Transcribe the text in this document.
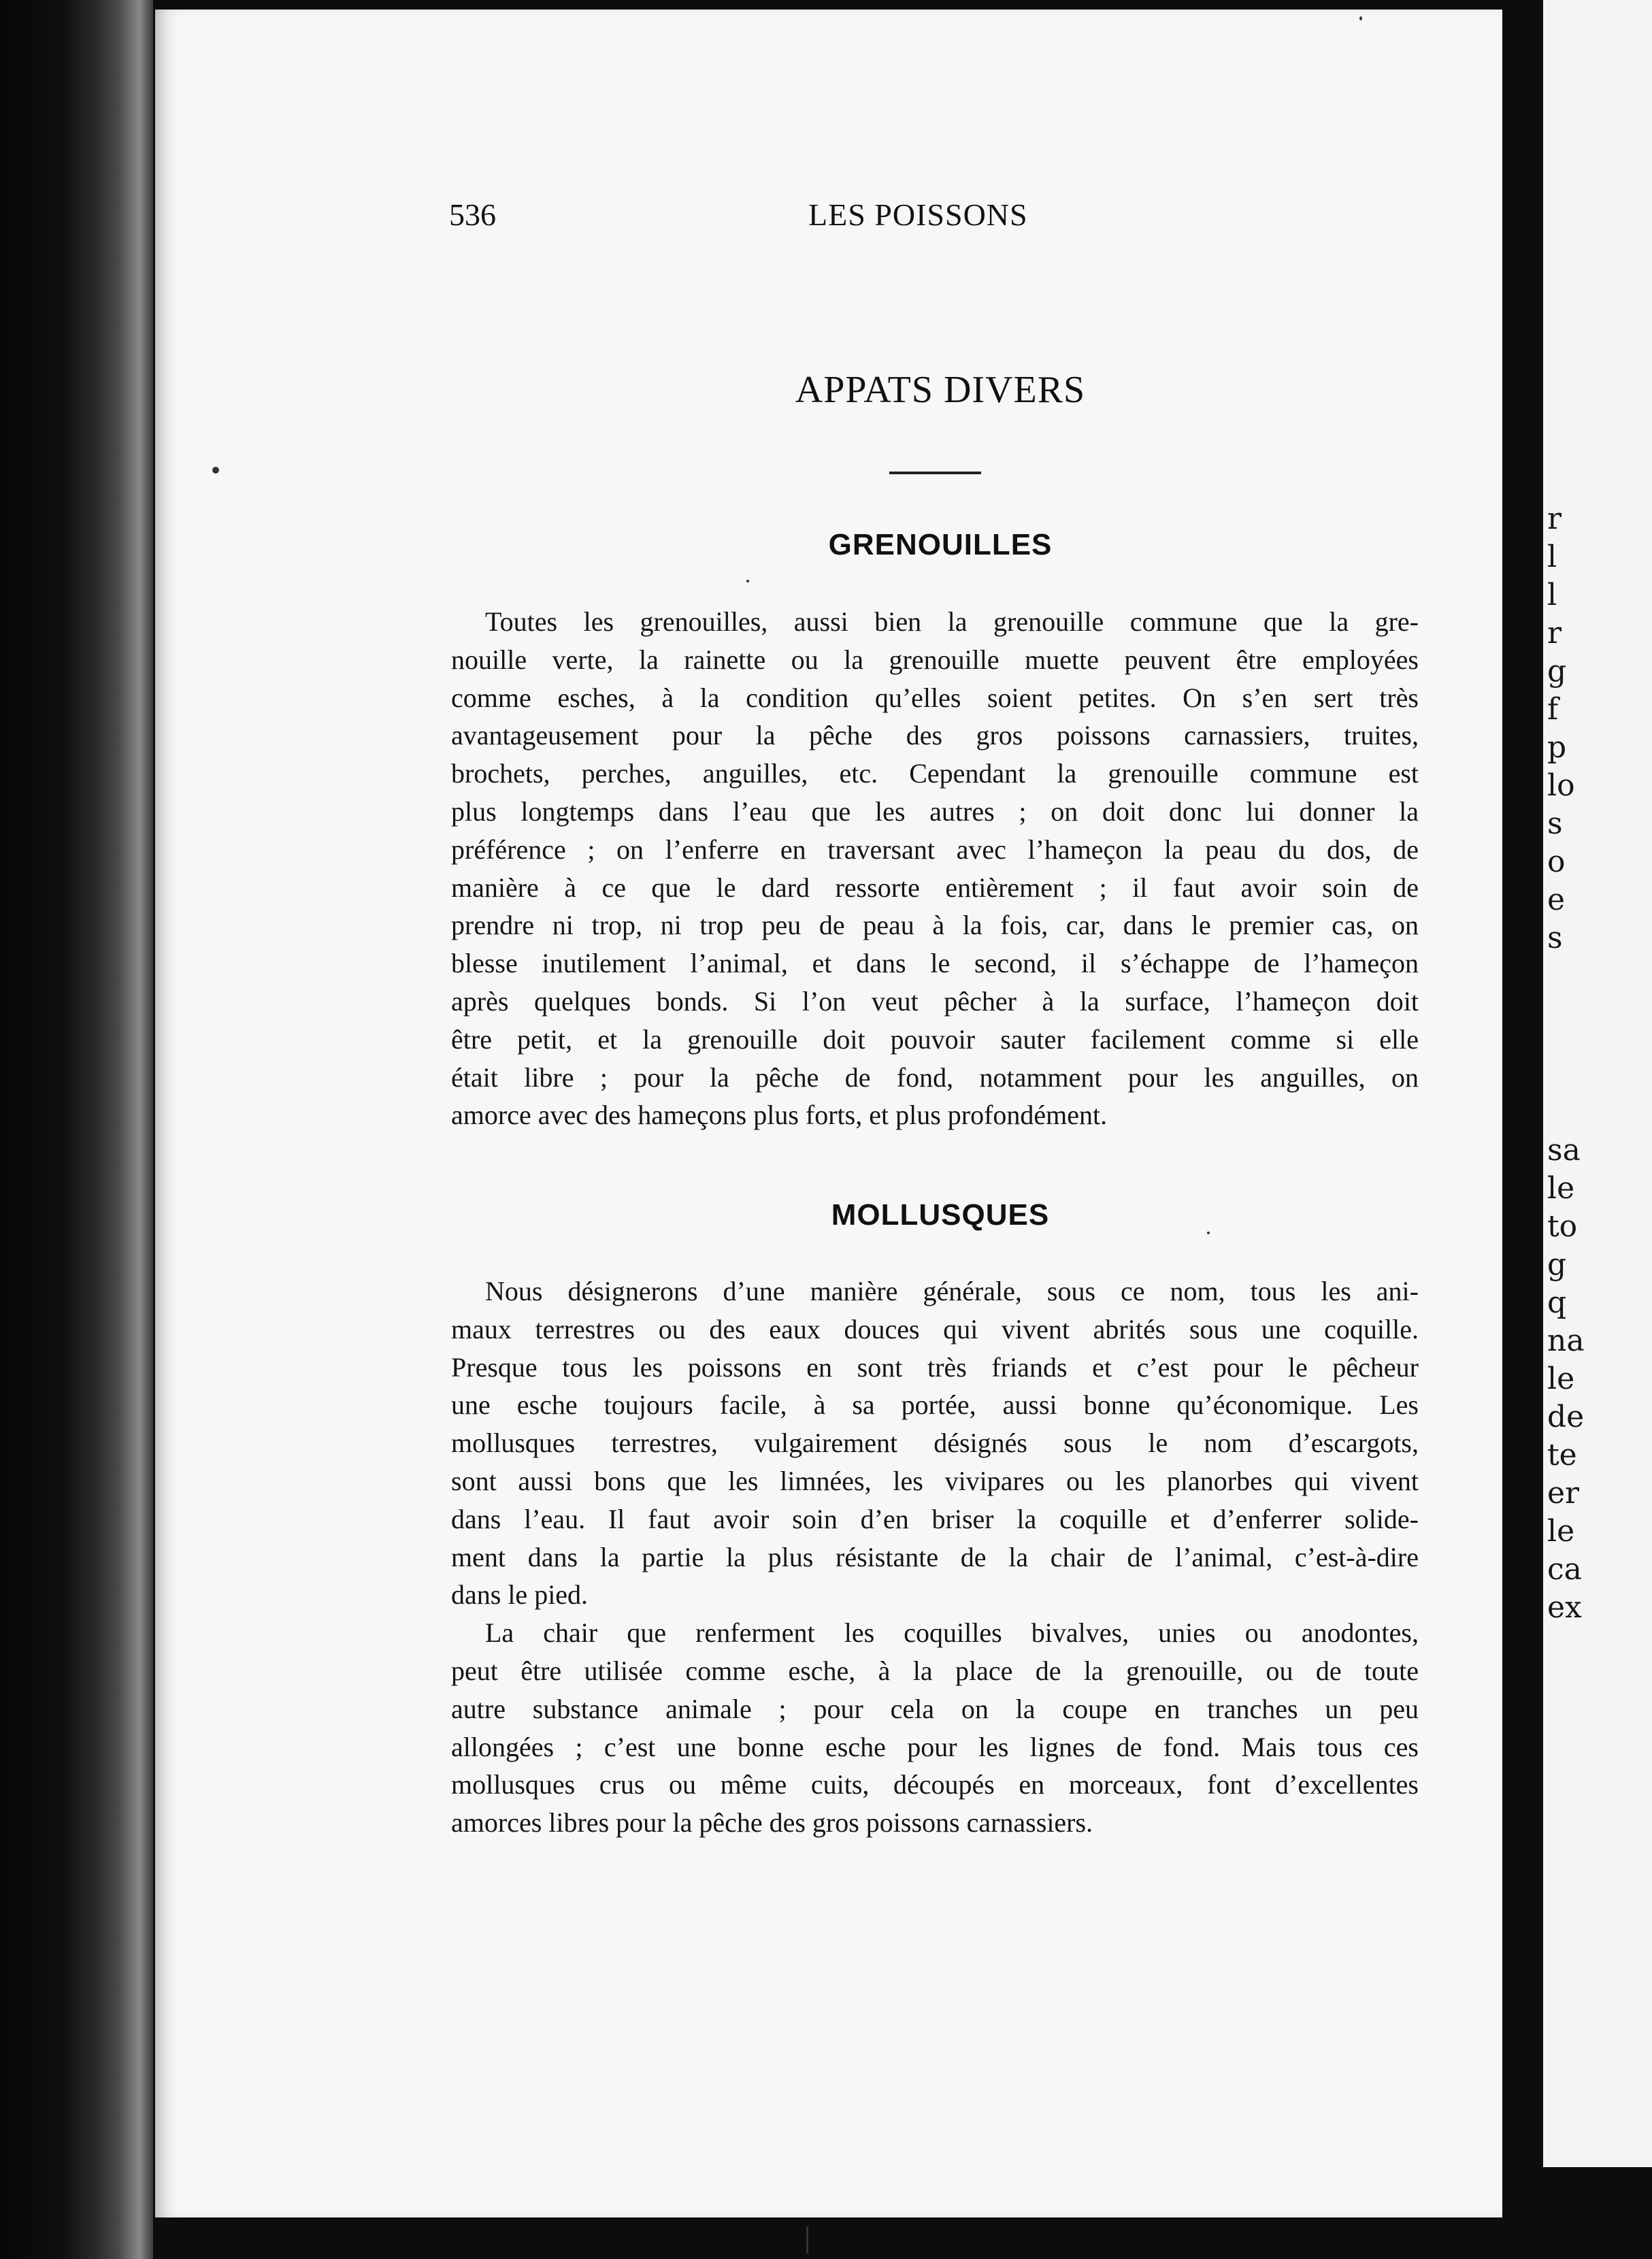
r
l
l
r
g
f
p
lo
s
o
e
s
sa
le
to
g
q
na
le
de
te
er
le
ca
ex
536	LES POISSONS
APPATS DIVERS
GRENOUILLES

Toutes les grenouilles, aussi bien la grenouille commune que la gre-
nouille verte, la rainette ou la grenouille muette peuvent être employées
comme esches, à la condition qu’elles soient petites. On s’en sert très
avantageusement pour la pêche des gros poissons carnassiers, truites,
brochets, perches, anguilles, etc. Cependant la grenouille commune est
plus longtemps dans l’eau que les autres ; on doit donc lui donner la
préférence ; on l’enferre en traversant avec l’hameçon la peau du dos, de
manière à ce que le dard ressorte entièrement ; il faut avoir soin de
prendre ni trop, ni trop peu de peau à la fois, car, dans le premier cas, on
blesse inutilement l’animal, et dans le second, il s’échappe de l’hameçon
après quelques bonds. Si l’on veut pêcher à la surface, l’hameçon doit
être petit, et la grenouille doit pouvoir sauter facilement comme si elle
était libre ; pour la pêche de fond, notamment pour les anguilles, on
amorce avec des hameçons plus forts, et plus profondément.

MOLLUSQUES

Nous désignerons d’une manière générale, sous ce nom, tous les ani-
maux terrestres ou des eaux douces qui vivent abrités sous une coquille.
Presque tous les poissons en sont très friands et c’est pour le pêcheur
une esche toujours facile, à sa portée, aussi bonne qu’économique. Les
mollusques terrestres, vulgairement désignés sous le nom d’escargots,
sont aussi bons que les limnées, les vivipares ou les planorbes qui vivent
dans l’eau. Il faut avoir soin d’en briser la coquille et d’enferrer solide-
ment dans la partie la plus résistante de la chair de l’animal, c’est-à-dire
dans le pied.

La chair que renferment les coquilles bivalves, unies ou anodontes,
peut être utilisée comme esche, à la place de la grenouille, ou de toute
autre substance animale ; pour cela on la coupe en tranches un peu
allongées ; c’est une bonne esche pour les lignes de fond. Mais tous ces
mollusques crus ou même cuits, découpés en morceaux, font d’excellentes
amorces libres pour la pêche des gros poissons carnassiers.
